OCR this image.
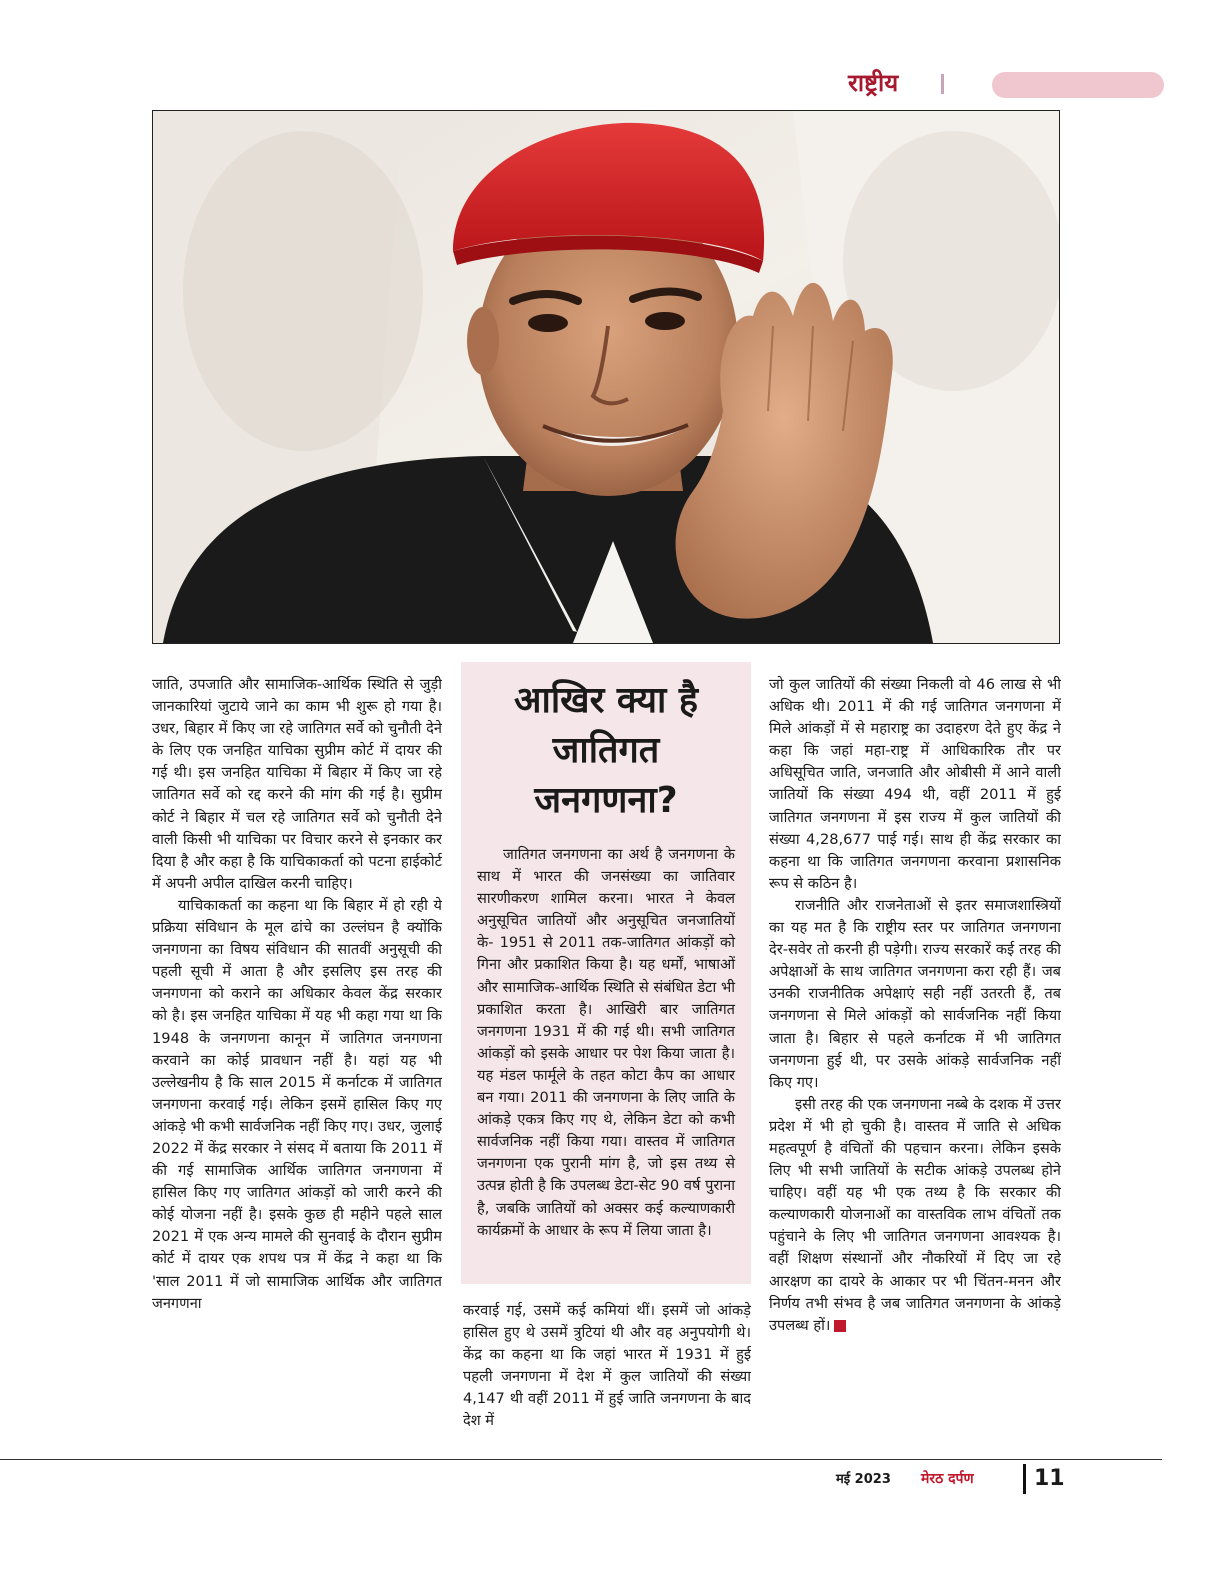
राष्ट्रीय

जाति, उपजाति और सामाजिक-आर्थिक स्थिति से जुड़ी जानकारियां जुटाये जाने का काम भी शुरू हो गया है। उधर, बिहार में किए जा रहे जातिगत सर्वे को चुनौती देने के लिए एक जनहित याचिका सुप्रीम कोर्ट में दायर की गई थी। इस जनहित याचिका में बिहार में किए जा रहे जातिगत सर्वे को रद्द करने की मांग की गई है। सुप्रीम कोर्ट ने बिहार में चल रहे जातिगत सर्वे को चुनौती देने वाली किसी भी याचिका पर विचार करने से इनकार कर दिया है और कहा है कि याचिकाकर्ता को पटना हाईकोर्ट में अपनी अपील दाखिल करनी चाहिए।

याचिकाकर्ता का कहना था कि बिहार में हो रही ये प्रक्रिया संविधान के मूल ढांचे का उल्लंघन है क्योंकि जनगणना का विषय संविधान की सातवीं अनुसूची की पहली सूची में आता है और इसलिए इस तरह की जनगणना को कराने का अधिकार केवल केंद्र सरकार को है। इस जनहित याचिका में यह भी कहा गया था कि 1948 के जनगणना कानून में जातिगत जनगणना करवाने का कोई प्रावधान नहीं है। यहां यह भी उल्लेखनीय है कि साल 2015 में कर्नाटक में जातिगत जनगणना करवाई गई। लेकिन इसमें हासिल किए गए आंकड़े भी कभी सार्वजनिक नहीं किए गए। उधर, जुलाई 2022 में केंद्र सरकार ने संसद में बताया कि 2011 में की गई सामाजिक आर्थिक जातिगत जनगणना में हासिल किए गए जातिगत आंकड़ों को जारी करने की कोई योजना नहीं है। इसके कुछ ही महीने पहले साल 2021 में एक अन्य मामले की सुनवाई के दौरान सुप्रीम कोर्ट में दायर एक शपथ पत्र में केंद्र ने कहा था कि 'साल 2011 में जो सामाजिक आर्थिक और जातिगत जनगणना

आखिर क्या है
जातिगत जनगणना?
जातिगत जनगणना का अर्थ है जनगणना के साथ में भारत की जनसंख्या का जातिवार सारणीकरण शामिल करना। भारत ने केवल अनुसूचित जातियों और अनुसूचित जनजातियों के- 1951 से 2011 तक-जातिगत आंकड़ों को गिना और प्रकाशित किया है। यह धर्मों, भाषाओं और सामाजिक-आर्थिक स्थिति से संबंधित डेटा भी प्रकाशित करता है। आखिरी बार जातिगत जनगणना 1931 में की गई थी। सभी जातिगत आंकड़ों को इसके आधार पर पेश किया जाता है। यह मंडल फार्मूले के तहत कोटा कैप का आधार बन गया। 2011 की जनगणना के लिए जाति के आंकड़े एकत्र किए गए थे, लेकिन डेटा को कभी सार्वजनिक नहीं किया गया। वास्तव में जातिगत जनगणना एक पुरानी मांग है, जो इस तथ्य से उत्पन्न होती है कि उपलब्ध डेटा-सेट 90 वर्ष पुराना है, जबकि जातियों को अक्सर कई कल्याणकारी कार्यक्रमों के आधार के रूप में लिया जाता है।

करवाई गई, उसमें कई कमियां थीं। इसमें जो आंकड़े हासिल हुए थे उसमें त्रुटियां थी और वह अनुपयोगी थे। केंद्र का कहना था कि जहां भारत में 1931 में हुई पहली जनगणना में देश में कुल जातियों की संख्या 4,147 थी वहीं 2011 में हुई जाति जनगणना के बाद देश में

जो कुल जातियों की संख्या निकली वो 46 लाख से भी अधिक थी। 2011 में की गई जातिगत जनगणना में मिले आंकड़ों में से महाराष्ट्र का उदाहरण देते हुए केंद्र ने कहा कि जहां महा-राष्ट्र में आधिकारिक तौर पर अधिसूचित जाति, जनजाति और ओबीसी में आने वाली जातियों कि संख्या 494 थी, वहीं 2011 में हुई जातिगत जनगणना में इस राज्य में कुल जातियों की संख्या 4,28,677 पाई गई। साथ ही केंद्र सरकार का कहना था कि जातिगत जनगणना करवाना प्रशासनिक रूप से कठिन है।

राजनीति और राजनेताओं से इतर समाजशास्त्रियों का यह मत है कि राष्ट्रीय स्तर पर जातिगत जनगणना देर-सवेर तो करनी ही पड़ेगी। राज्य सरकारें कई तरह की अपेक्षाओं के साथ जातिगत जनगणना करा रही हैं। जब उनकी राजनीतिक अपेक्षाएं सही नहीं उतरती हैं, तब जनगणना से मिले आंकड़ों को सार्वजनिक नहीं किया जाता है। बिहार से पहले कर्नाटक में भी जातिगत जनगणना हुई थी, पर उसके आंकड़े सार्वजनिक नहीं किए गए।

इसी तरह की एक जनगणना नब्बे के दशक में उत्तर प्रदेश में भी हो चुकी है। वास्तव में जाति से अधिक महत्वपूर्ण है वंचितों की पहचान करना। लेकिन इसके लिए भी सभी जातियों के सटीक आंकड़े उपलब्ध होने चाहिए। वहीं यह भी एक तथ्य है कि सरकार की कल्याणकारी योजनाओं का वास्तविक लाभ वंचितों तक पहुंचाने के लिए भी जातिगत जनगणना आवश्यक है। वहीं शिक्षण संस्थानों और नौकरियों में दिए जा रहे आरक्षण का दायरे के आकार पर भी चिंतन-मनन और निर्णय तभी संभव है जब जातिगत जनगणना के आंकड़े उपलब्ध हों।

मई 2023	मेरठ दर्पण	11
